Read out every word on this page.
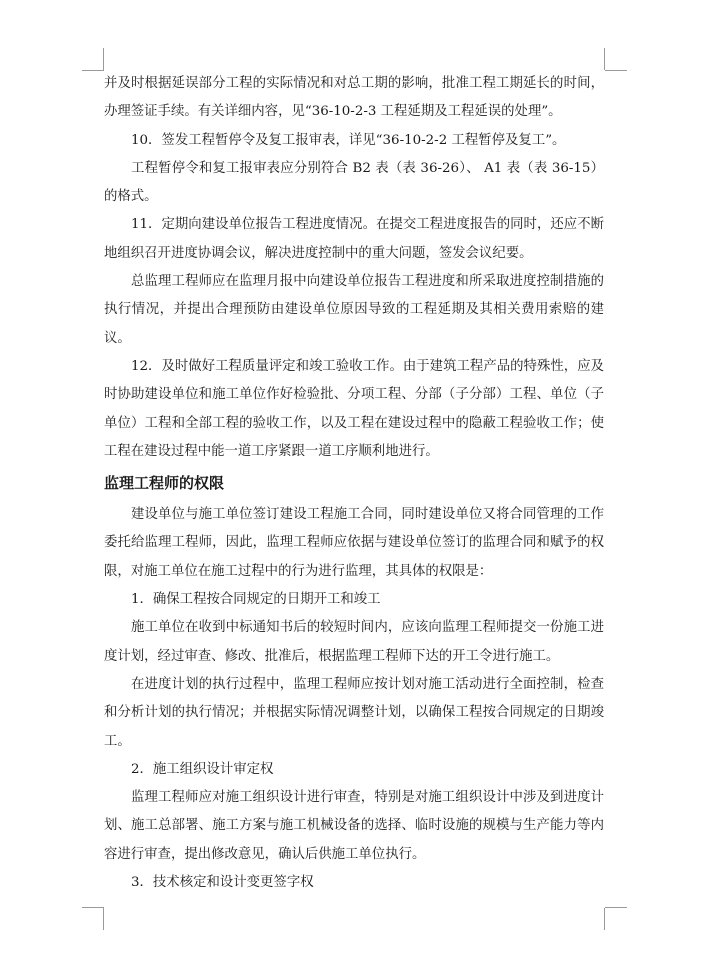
并及时根据延误部分工程的实际情况和对总工期的影响，批准工程工期延长的时间，办理签证手续。有关详细内容，见“36-10-2-3 工程延期及工程延误的处理”。

10．签发工程暂停令及复工报审表，详见“36-10-2-2 工程暂停及复工”。

工程暂停令和复工报审表应分别符合 B2 表（表 36-26）、 A1 表（表 36-15）的格式。

11．定期向建设单位报告工程进度情况。在提交工程进度报告的同时，还应不断地组织召开进度协调会议，解决进度控制中的重大问题，签发会议纪要。

总监理工程师应在监理月报中向建设单位报告工程进度和所采取进度控制措施的执行情况，并提出合理预防由建设单位原因导致的工程延期及其相关费用索赔的建议。

12．及时做好工程质量评定和竣工验收工作。由于建筑工程产品的特殊性，应及时协助建设单位和施工单位作好检验批、分项工程、分部（子分部）工程、单位（子单位）工程和全部工程的验收工作，以及工程在建设过程中的隐蔽工程验收工作；使工程在建设过程中能一道工序紧跟一道工序顺利地进行。

监理工程师的权限

建设单位与施工单位签订建设工程施工合同，同时建设单位又将合同管理的工作委托给监理工程师，因此，监理工程师应依据与建设单位签订的监理合同和赋予的权限，对施工单位在施工过程中的行为进行监理，其具体的权限是：

1．确保工程按合同规定的日期开工和竣工

施工单位在收到中标通知书后的较短时间内，应该向监理工程师提交一份施工进度计划，经过审查、修改、批准后，根据监理工程师下达的开工令进行施工。

在进度计划的执行过程中，监理工程师应按计划对施工活动进行全面控制，检查和分析计划的执行情况；并根据实际情况调整计划，以确保工程按合同规定的日期竣工。

2．施工组织设计审定权

监理工程师应对施工组织设计进行审查，特别是对施工组织设计中涉及到进度计划、施工总部署、施工方案与施工机械设备的选择、临时设施的规模与生产能力等内容进行审查，提出修改意见，确认后供施工单位执行。

3．技术核定和设计变更签字权
